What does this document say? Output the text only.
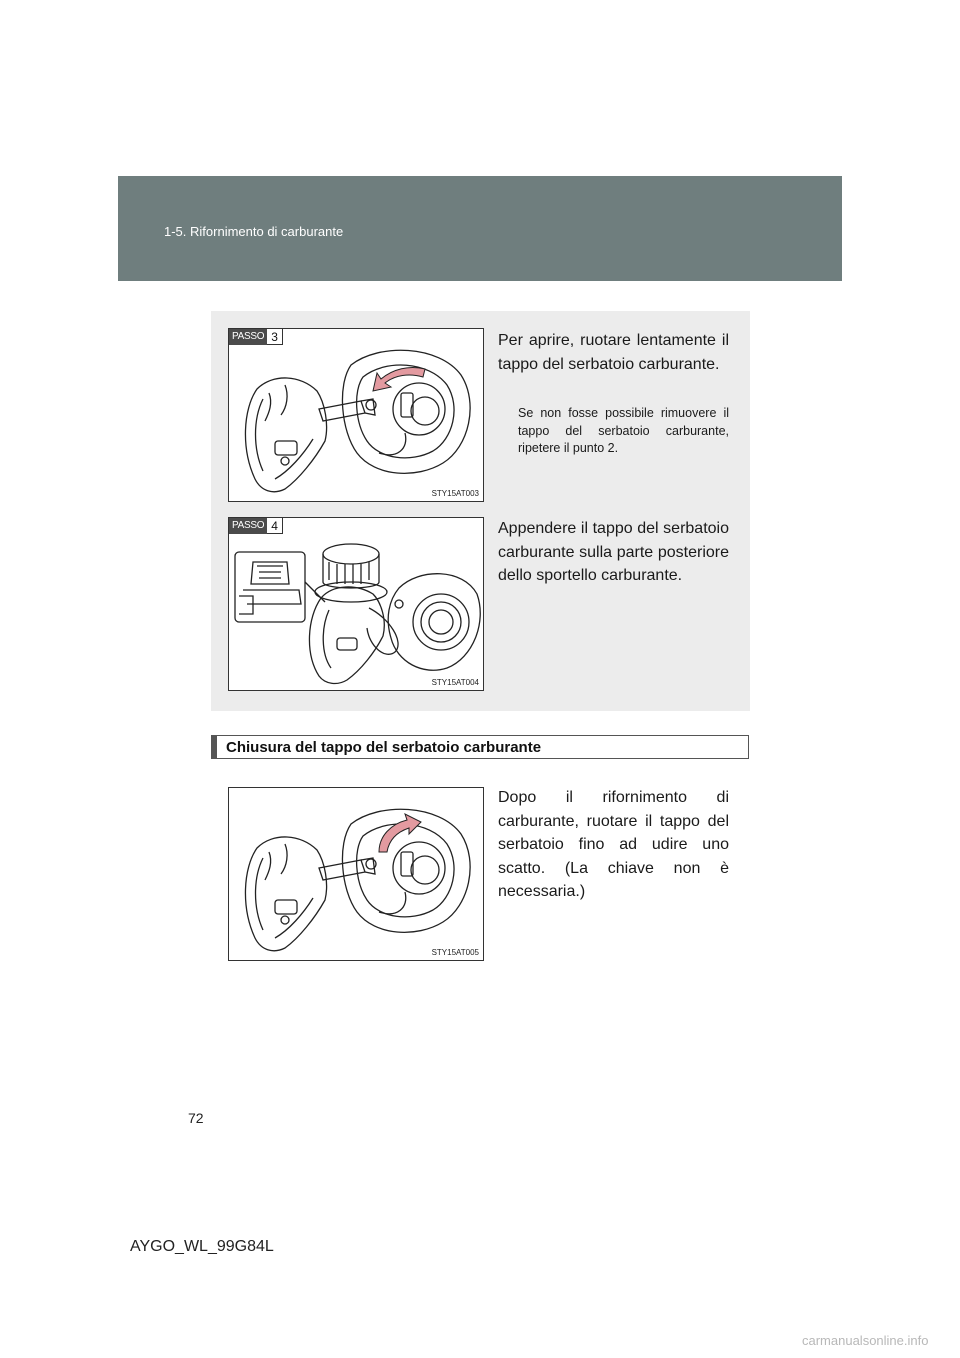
1-5. Rifornimento di carburante
PASSO 3
STY15AT003
Per aprire, ruotare lentamente il tappo del serbatoio carburante.
Se non fosse possibile rimuovere il tappo del serbatoio carburante, ripetere il punto 2.
PASSO 4
STY15AT004
Appendere il tappo del serbatoio carburante sulla parte posteriore dello sportello carburante.
Chiusura del tappo del serbatoio carburante
STY15AT005
Dopo il rifornimento di carburante, ruotare il tappo del serbatoio fino ad udire uno scatto. (La chiave non è necessaria.)
72
AYGO_WL_99G84L
carmanualsonline.info
